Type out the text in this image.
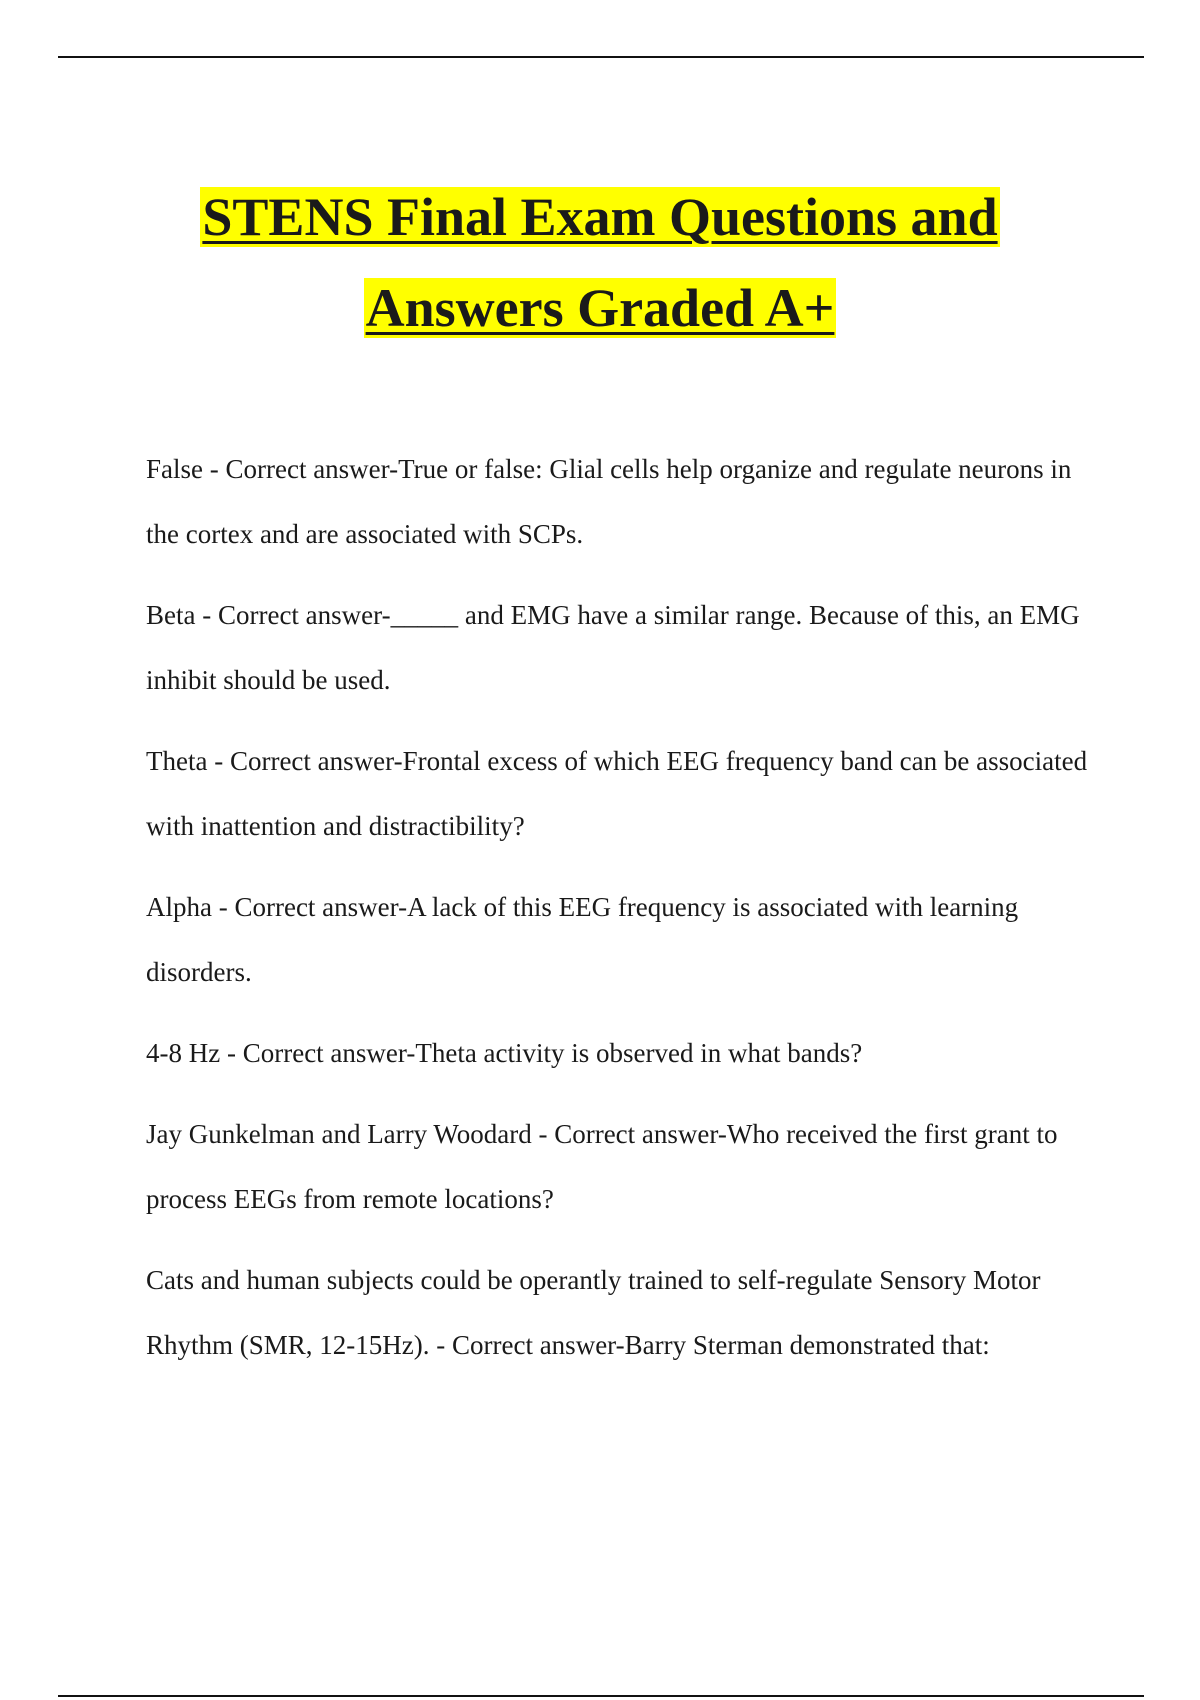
STENS Final Exam Questions and
Answers Graded A+

False - Correct answer-True or false: Glial cells help organize and regulate neurons in the cortex and are associated with SCPs.

Beta - Correct answer-_____ and EMG have a similar range. Because of this, an EMG inhibit should be used.

Theta - Correct answer-Frontal excess of which EEG frequency band can be associated with inattention and distractibility?

Alpha - Correct answer-A lack of this EEG frequency is associated with learning disorders.

4-8 Hz - Correct answer-Theta activity is observed in what bands?

Jay Gunkelman and Larry Woodard - Correct answer-Who received the first grant to process EEGs from remote locations?

Cats and human subjects could be operantly trained to self-regulate Sensory Motor Rhythm (SMR, 12-15Hz). - Correct answer-Barry Sterman demonstrated that:
